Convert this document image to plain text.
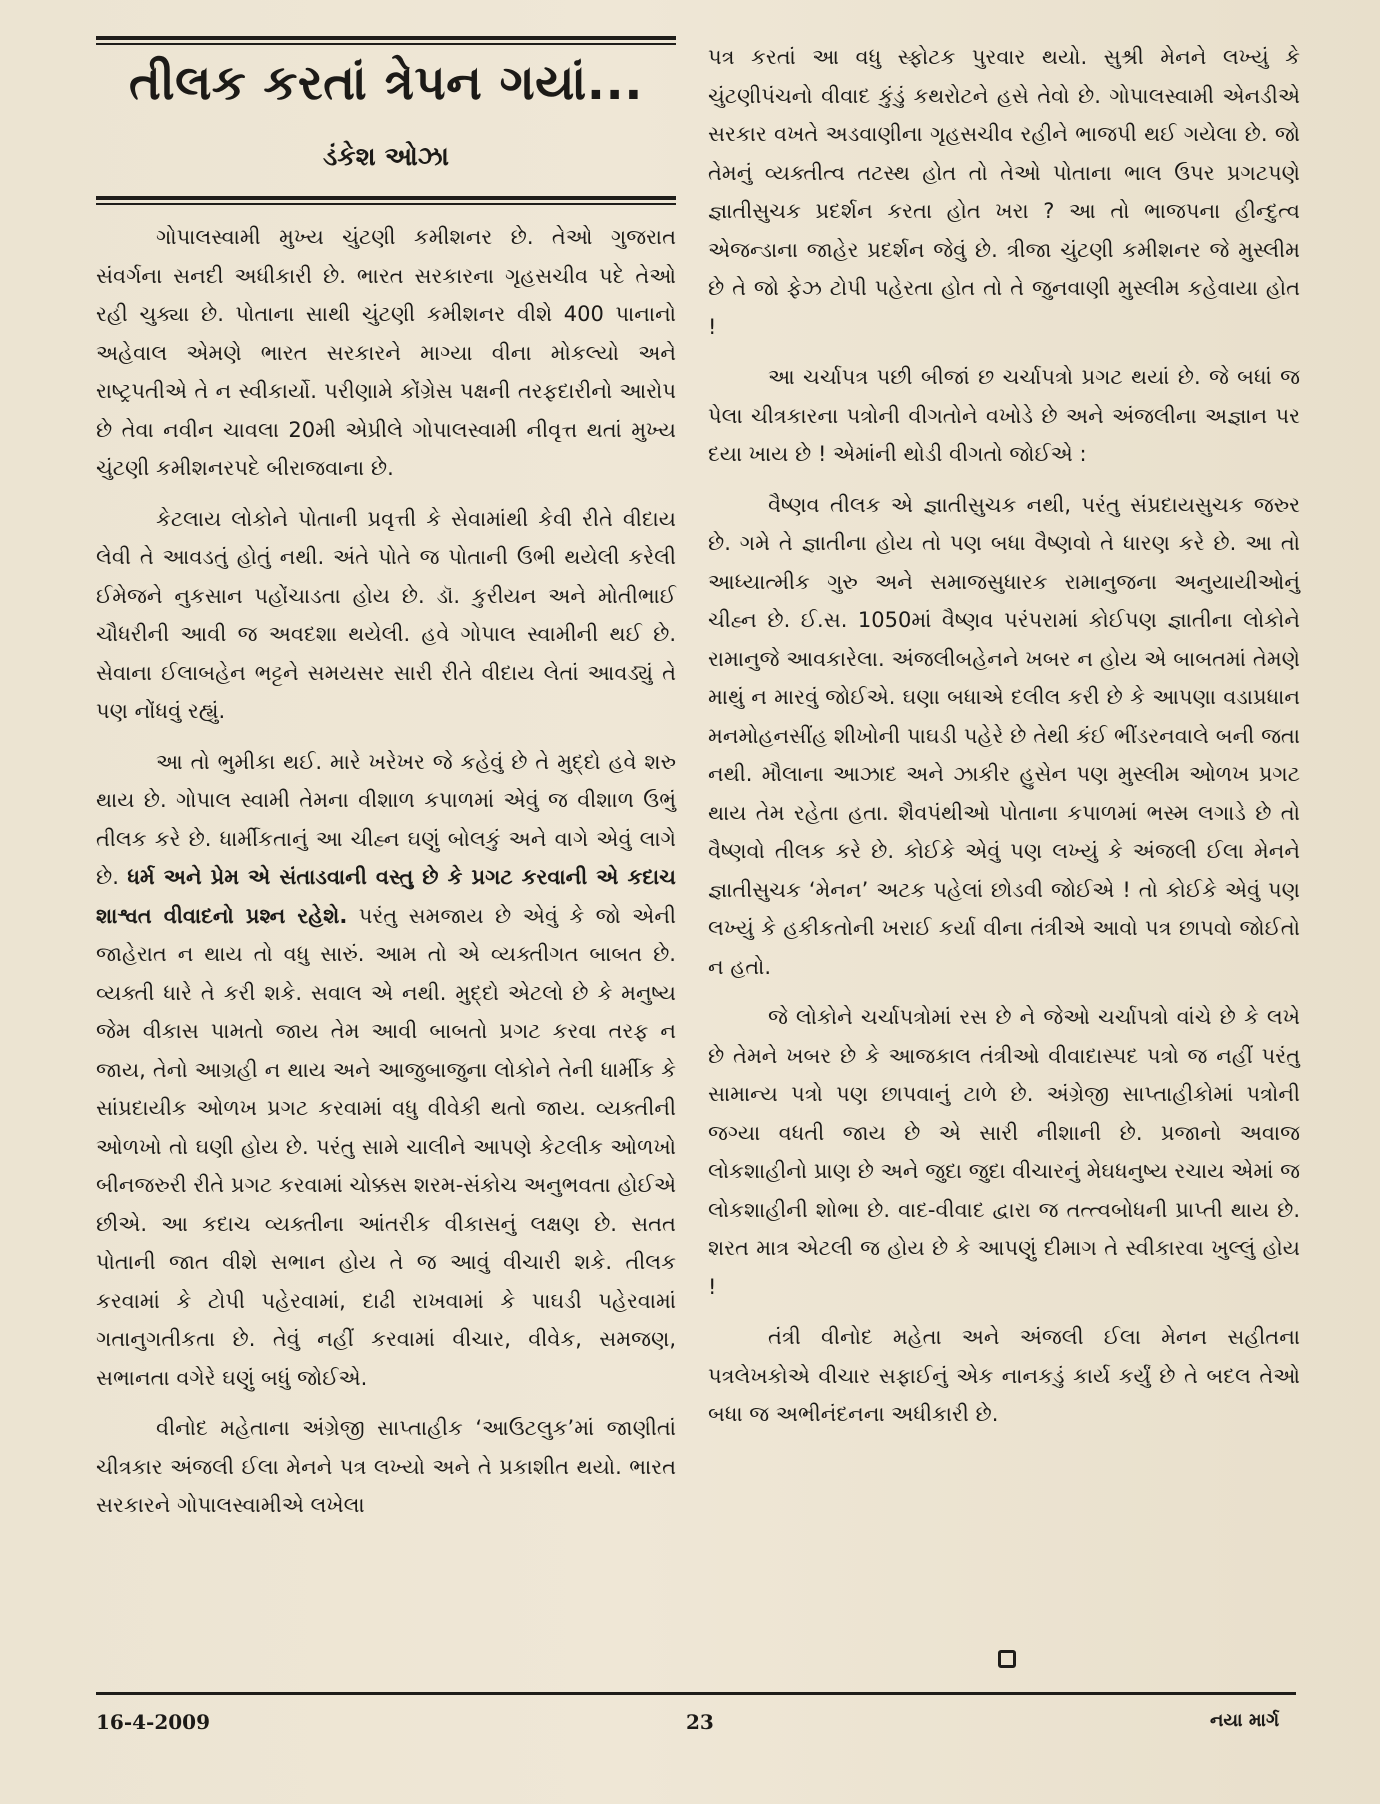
તીલક કરતાં ત્રેપન ગયાં...
ડંકેશ ઓઝા

ગોપાલસ્વામી મુખ્ય ચુંટણી કમીશનર છે. તેઓ ગુજરાત સંવર્ગના સનદી અધીકારી છે. ભારત સરકારના ગૃહસચીવ પદે તેઓ રહી ચુક્યા છે. પોતાના સાથી ચુંટણી કમીશનર વીશે 400 પાનાનો અહેવાલ એમણે ભારત સરકારને માગ્યા વીના મોકલ્યો અને રાષ્ટ્રપતીએ તે ન સ્વીકાર્યો. પરીણામે કોંગ્રેસ પક્ષની તરફદારીનો આરોપ છે તેવા નવીન ચાવલા 20મી એપ્રીલે ગોપાલસ્વામી નીવૃત્ત થતાં મુખ્ય ચુંટણી કમીશનરપદે બીરાજવાના છે.

કેટલાય લોકોને પોતાની પ્રવૃત્તી કે સેવામાંથી કેવી રીતે વીદાય લેવી તે આવડતું હોતું નથી. અંતે પોતે જ પોતાની ઉભી થયેલી કરેલી ઈમેજને નુકસાન પહોંચાડતા હોય છે. ડૉ. કુરીયન અને મોતીભાઈ ચૌધરીની આવી જ અવદશા થયેલી. હવે ગોપાલ સ્વામીની થઈ છે. સેવાના ઈલાબહેન ભટ્ટને સમયસર સારી રીતે વીદાય લેતાં આવડ્યું તે પણ નોંધવું રહ્યું.

આ તો ભુમીકા થઈ. મારે ખરેખર જે કહેવું છે તે મુદ્દો હવે શરુ થાય છે. ગોપાલ સ્વામી તેમના વીશાળ કપાળમાં એવું જ વીશાળ ઉભું તીલક કરે છે. ધાર્મીકતાનું આ ચીહ્ન ઘણું બોલકું અને વાગે એવું લાગે છે. ધર્મ અને પ્રેમ એ સંતાડવાની વસ્તુ છે કે પ્રગટ કરવાની એ કદાચ શાશ્વત વીવાદનો પ્રશ્ન રહેશે. પરંતુ સમજાય છે એવું કે જો એની જાહેરાત ન થાય તો વધુ સારું. આમ તો એ વ્યક્તીગત બાબત છે. વ્યક્તી ધારે તે કરી શકે. સવાલ એ નથી. મુદ્દો એટલો છે કે મનુષ્ય જેમ વીકાસ પામતો જાય તેમ આવી બાબતો પ્રગટ કરવા તરફ ન જાય, તેનો આગ્રહી ન થાય અને આજુબાજુના લોકોને તેની ધાર્મીક કે સાંપ્રદાયીક ઓળખ પ્રગટ કરવામાં વધુ વીવેકી થતો જાય. વ્યક્તીની ઓળખો તો ઘણી હોય છે. પરંતુ સામે ચાલીને આપણે કેટલીક ઓળખો બીનજરુરી રીતે પ્રગટ કરવામાં ચોક્કસ શરમ-સંકોચ અનુભવતા હોઈએ છીએ. આ કદાચ વ્યક્તીના આંતરીક વીકાસનું લક્ષણ છે. સતત પોતાની જાત વીશે સભાન હોય તે જ આવું વીચારી શકે. તીલક કરવામાં કે ટોપી પહેરવામાં, દાઢી રાખવામાં કે પાઘડી પહેરવામાં ગતાનુગતીકતા છે. તેવું નહીં કરવામાં વીચાર, વીવેક, સમજણ, સભાનતા વગેરે ઘણું બધું જોઈએ.

વીનોદ મહેતાના અંગ્રેજી સાપ્તાહીક ‘આઉટલુક’માં જાણીતાં ચીત્રકાર અંજલી ઈલા મેનને પત્ર લખ્યો અને તે પ્રકાશીત થયો. ભારત સરકારને ગોપાલસ્વામીએ લખેલા

પત્ર કરતાં આ વધુ સ્ફોટક પુરવાર થયો. સુશ્રી મેનને લખ્યું કે ચુંટણીપંચનો વીવાદ કુંડું કથરોટને હસે તેવો છે. ગોપાલસ્વામી એનડીએ સરકાર વખતે અડવાણીના ગૃહસચીવ રહીને ભાજપી થઈ ગયેલા છે. જો તેમનું વ્યક્તીત્વ તટસ્થ હોત તો તેઓ પોતાના ભાલ ઉપર પ્રગટપણે જ્ઞાતીસુચક પ્રદર્શન કરતા હોત ખરા ? આ તો ભાજપના હીન્દુત્વ એજન્ડાના જાહેર પ્રદર્શન જેવું છે. ત્રીજા ચુંટણી કમીશનર જે મુસ્લીમ છે તે જો ફેઝ ટોપી પહેરતા હોત તો તે જુનવાણી મુસ્લીમ કહેવાયા હોત !

આ ચર્ચાપત્ર પછી બીજાં છ ચર્ચાપત્રો પ્રગટ થયાં છે. જે બધાં જ પેલા ચીત્રકારના પત્રોની વીગતોને વખોડે છે અને અંજલીના અજ્ઞાન પર દયા ખાય છે ! એમાંની થોડી વીગતો જોઈએ :

વૈષ્ણવ તીલક એ જ્ઞાતીસુચક નથી, પરંતુ સંપ્રદાયસુચક જરુર છે. ગમે તે જ્ઞાતીના હોય તો પણ બધા વૈષ્ણવો તે ધારણ કરે છે. આ તો આધ્યાત્મીક ગુરુ અને સમાજસુધારક રામાનુજના અનુયાયીઓનું ચીહ્ન છે. ઈ.સ. 1050માં વૈષ્ણવ પરંપરામાં કોઈપણ જ્ઞાતીના લોકોને રામાનુજે આવકારેલા. અંજલીબહેનને ખબર ન હોય એ બાબતમાં તેમણે માથું ન મારવું જોઈએ. ઘણા બધાએ દલીલ કરી છે કે આપણા વડાપ્રધાન મનમોહનસીંહ શીખોની પાઘડી પહેરે છે તેથી કંઈ ભીંડરનવાલે બની જતા નથી. મૌલાના આઝાદ અને ઝાકીર હુસેન પણ મુસ્લીમ ઓળખ પ્રગટ થાય તેમ રહેતા હતા. શૈવપંથીઓ પોતાના કપાળમાં ભસ્મ લગાડે છે તો વૈષ્ણવો તીલક કરે છે. કોઈકે એવું પણ લખ્યું કે અંજલી ઈલા મેનને જ્ઞાતીસુચક ‘મેનન’ અટક પહેલાં છોડવી જોઈએ ! તો કોઈકે એવું પણ લખ્યું કે હકીકતોની ખરાઈ કર્યા વીના તંત્રીએ આવો પત્ર છાપવો જોઈતો ન હતો.

જે લોકોને ચર્ચાપત્રોમાં રસ છે ને જેઓ ચર્ચાપત્રો વાંચે છે કે લખે છે તેમને ખબર છે કે આજકાલ તંત્રીઓ વીવાદાસ્પદ પત્રો જ નહીં પરંતુ સામાન્ય પત્રો પણ છાપવાનું ટાળે છે. અંગ્રેજી સાપ્તાહીકોમાં પત્રોની જગ્યા વધતી જાય છે એ સારી નીશાની છે. પ્રજાનો અવાજ લોકશાહીનો પ્રાણ છે અને જુદા જુદા વીચારનું મેઘધનુષ્ય રચાય એમાં જ લોકશાહીની શોભા છે. વાદ-વીવાદ દ્વારા જ તત્ત્વબોધની પ્રાપ્તી થાય છે. શરત માત્ર એટલી જ હોય છે કે આપણું દીમાગ તે સ્વીકારવા ખુલ્લું હોય !

તંત્રી વીનોદ મહેતા અને અંજલી ઈલા મેનન સહીતના પત્રલેખકોએ વીચાર સફાઈનું એક નાનકડું કાર્ય કર્યું છે તે બદલ તેઓ બધા જ અભીનંદનના અધીકારી છે.

16-4-2009	23	નયા માર્ગ
